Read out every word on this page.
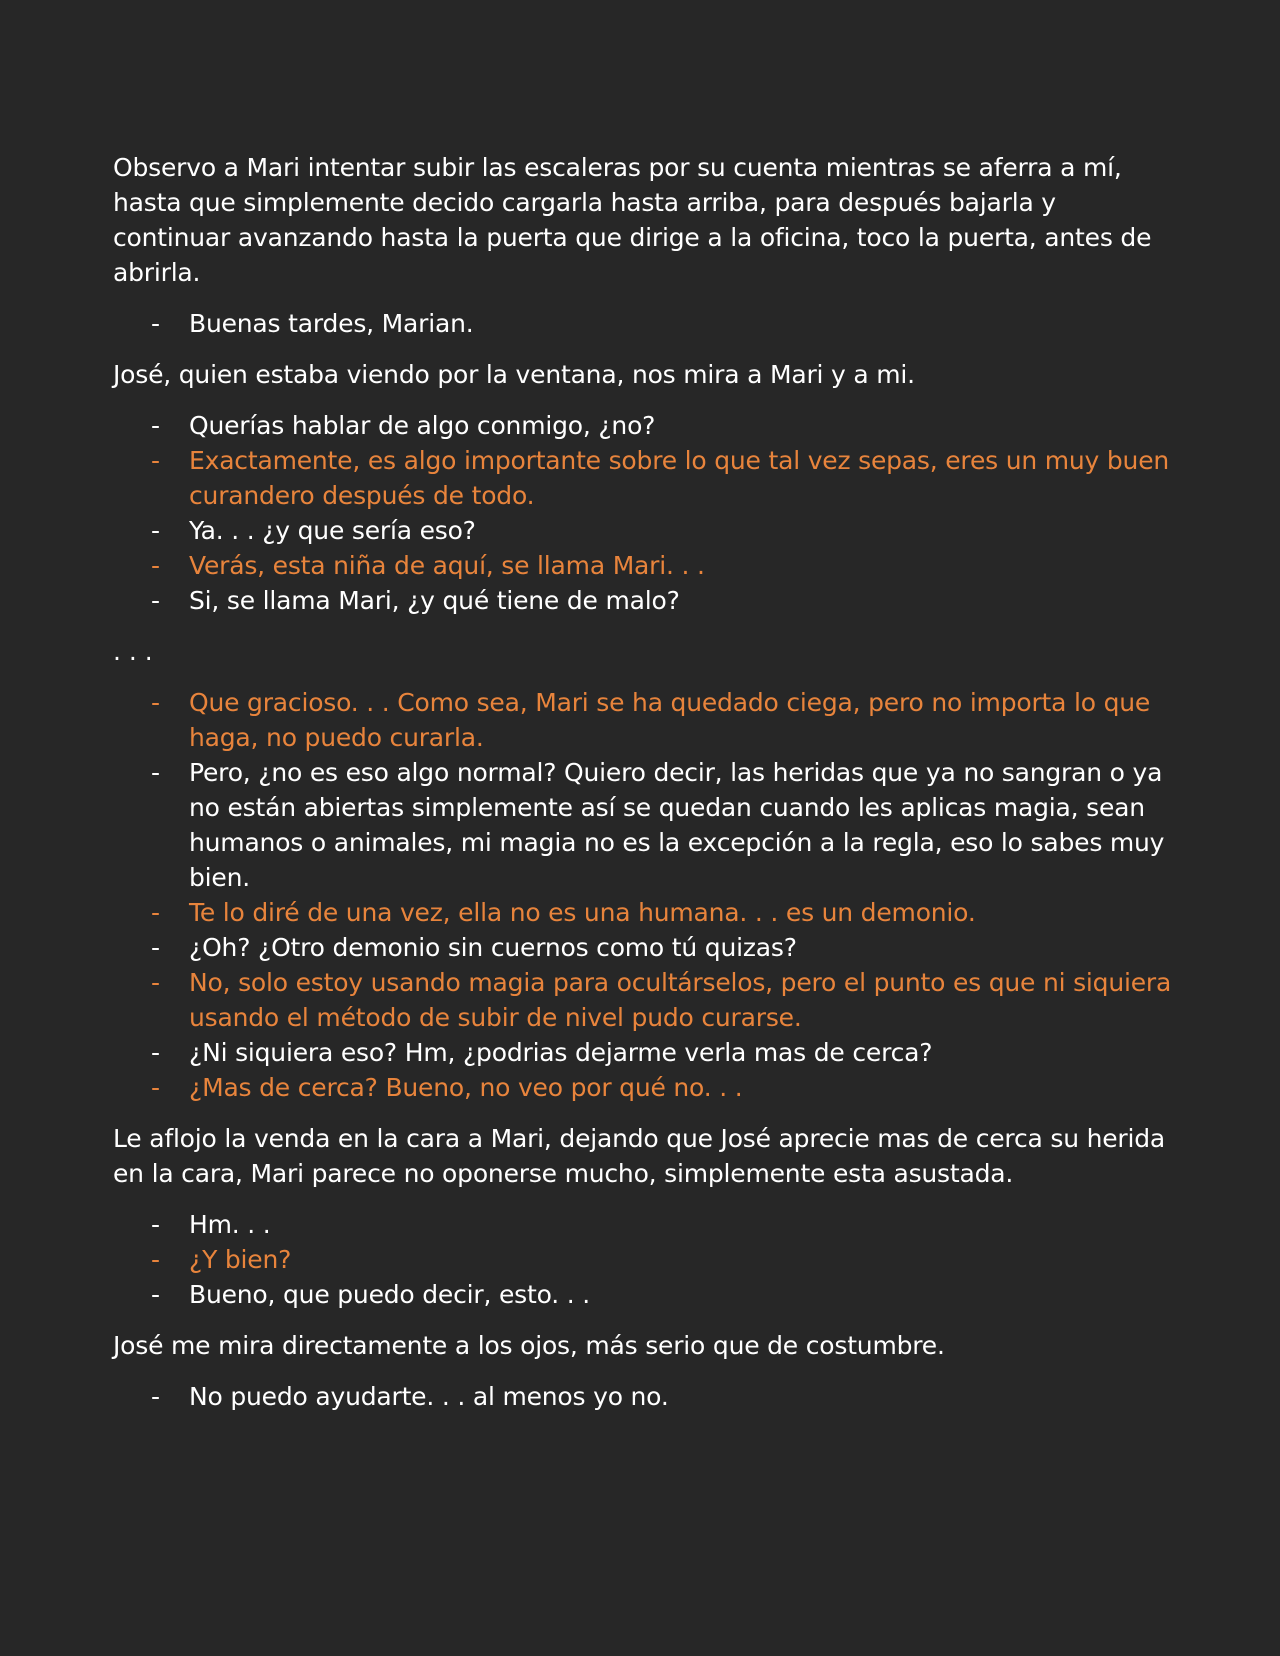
Observo a Mari intentar subir las escaleras por su cuenta mientras se aferra a mí, hasta que simplemente decido cargarla hasta arriba, para después bajarla y continuar avanzando hasta la puerta que dirige a la oficina, toco la puerta, antes de abrirla.

- Buenas tardes, Marian.

José, quien estaba viendo por la ventana, nos mira a Mari y a mi.

- Querías hablar de algo conmigo, ¿no?
- Exactamente, es algo importante sobre lo que tal vez sepas, eres un muy buen curandero después de todo.
- Ya. . . ¿y que sería eso?
- Verás, esta niña de aquí, se llama Mari. . .
- Si, se llama Mari, ¿y qué tiene de malo?

. . .

- Que gracioso. . . Como sea, Mari se ha quedado ciega, pero no importa lo que haga, no puedo curarla.
- Pero, ¿no es eso algo normal? Quiero decir, las heridas que ya no sangran o ya no están abiertas simplemente así se quedan cuando les aplicas magia, sean humanos o animales, mi magia no es la excepción a la regla, eso lo sabes muy bien.
- Te lo diré de una vez, ella no es una humana. . . es un demonio.
- ¿Oh? ¿Otro demonio sin cuernos como tú quizas?
- No, solo estoy usando magia para ocultárselos, pero el punto es que ni siquiera usando el método de subir de nivel pudo curarse.
- ¿Ni siquiera eso? Hm, ¿podrias dejarme verla mas de cerca?
- ¿Mas de cerca? Bueno, no veo por qué no. . .

Le aflojo la venda en la cara a Mari, dejando que José aprecie mas de cerca su herida en la cara, Mari parece no oponerse mucho, simplemente esta asustada.

- Hm. . .
- ¿Y bien?
- Bueno, que puedo decir, esto. . .

José me mira directamente a los ojos, más serio que de costumbre.

- No puedo ayudarte. . . al menos yo no.
